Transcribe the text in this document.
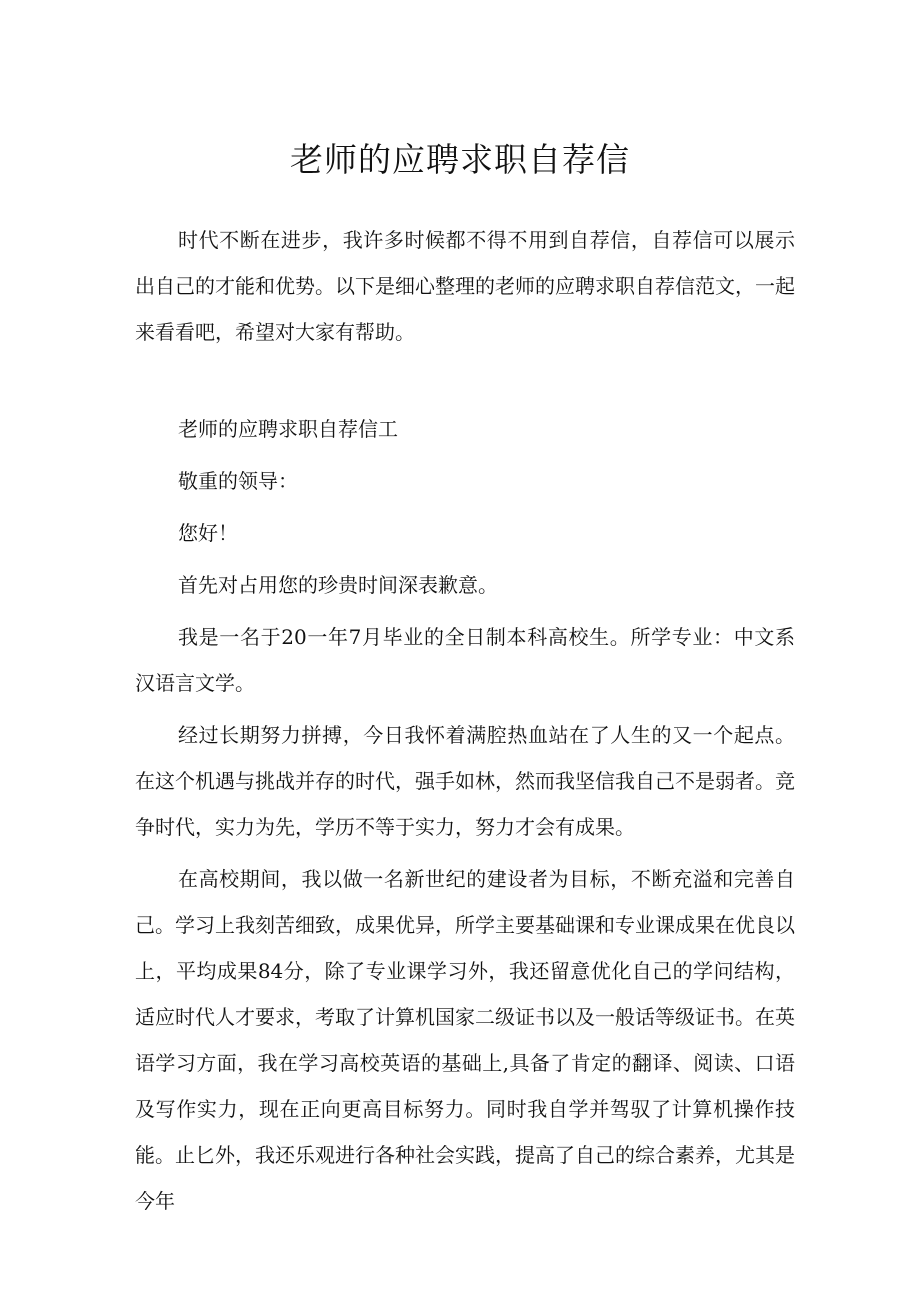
老师的应聘求职自荐信

时代不断在进步，我许多时候都不得不用到自荐信，自荐信可以展示出自己的才能和优势。以下是细心整理的老师的应聘求职自荐信范文，一起来看看吧，希望对大家有帮助。

老师的应聘求职自荐信工

敬重的领导：

您好！

首先对占用您的珍贵时间深表歉意。

我是一名于20一年7月毕业的全日制本科高校生。所学专业：中文系汉语言文学。

经过长期努力拼搏，今日我怀着满腔热血站在了人生的又一个起点。在这个机遇与挑战并存的时代，强手如林，然而我坚信我自己不是弱者。竞争时代，实力为先，学历不等于实力，努力才会有成果。

在高校期间，我以做一名新世纪的建设者为目标，不断充溢和完善自己。学习上我刻苦细致，成果优异，所学主要基础课和专业课成果在优良以上，平均成果84分，除了专业课学习外，我还留意优化自己的学问结构，适应时代人才要求，考取了计算机国家二级证书以及一般话等级证书。在英语学习方面，我在学习高校英语的基础上,具备了肯定的翻译、阅读、口语及写作实力，现在正向更高目标努力。同时我自学并驾驭了计算机操作技能。止匕外，我还乐观进行各种社会实践，提高了自己的综合素养，尤其是今年
